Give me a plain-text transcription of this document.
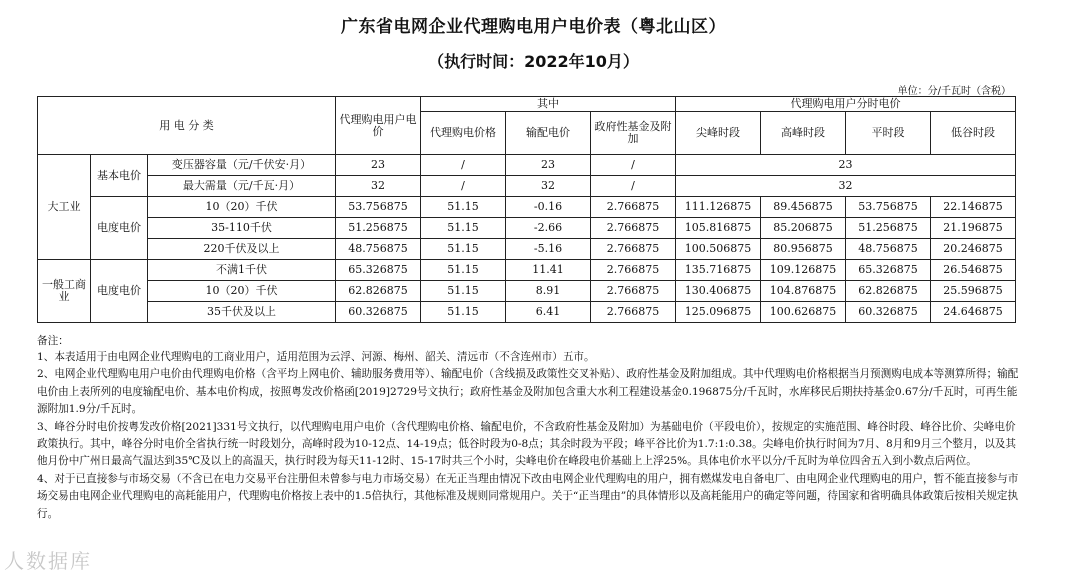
广东省电网企业代理购电用户电价表（粤北山区）
（执行时间：2022年10月）
单位：分/千瓦时（含税）
用 电 分 类			代理购电用户电价	其中			代理购电用户分时电价			
				代理购电价格	输配电价	政府性基金及附加	尖峰时段	高峰时段	平时段	低谷时段
大工业	基本电价	变压器容量（元/千伏安·月）	23	/	23	/	23			
		最大需量（元/千瓦·月）	32	/	32	/	32			
	电度电价	10（20）千伏	53.756875	51.15	-0.16	2.766875	111.126875	89.456875	53.756875	22.146875
		35-110千伏	51.256875	51.15	-2.66	2.766875	105.816875	85.206875	51.256875	21.196875
		220千伏及以上	48.756875	51.15	-5.16	2.766875	100.506875	80.956875	48.756875	20.246875
一般工商业	电度电价	不满1千伏	65.326875	51.15	11.41	2.766875	135.716875	109.126875	65.326875	26.546875
		10（20）千伏	62.826875	51.15	8.91	2.766875	130.406875	104.876875	62.826875	25.596875
		35千伏及以上	60.326875	51.15	6.41	2.766875	125.096875	100.626875	60.326875	24.646875

备注：

1、本表适用于由电网企业代理购电的工商业用户，适用范围为云浮、河源、梅州、韶关、清远市（不含连州市）五市。

2、电网企业代理购电用户电价由代理购电价格（含平均上网电价、辅助服务费用等）、输配电价（含线损及政策性交叉补贴）、政府性基金及附加组成。其中代理购电价格根据当月预测购电成本等测算所得；输配电价由上表所列的电度输配电价、基本电价构成，按照粤发改价格函[2019]2729号文执行；政府性基金及附加包含重大水利工程建设基金0.196875分/千瓦时，水库移民后期扶持基金0.67分/千瓦时，可再生能源附加1.9分/千瓦时。

3、峰谷分时电价按粤发改价格[2021]331号文执行，以代理购电用户电价（含代理购电价格、输配电价，不含政府性基金及附加）为基础电价（平段电价），按规定的实施范围、峰谷时段、峰谷比价、尖峰电价政策执行。其中，峰谷分时电价全省执行统一时段划分，高峰时段为10-12点、14-19点；低谷时段为0-8点；其余时段为平段；峰平谷比价为1.7:1:0.38。尖峰电价执行时间为7月、8月和9月三个整月，以及其他月份中广州日最高气温达到35℃及以上的高温天，执行时段为每天11-12时、15-17时共三个小时，尖峰电价在峰段电价基础上上浮25%。具体电价水平以分/千瓦时为单位四舍五入到小数点后两位。

4、对于已直接参与市场交易（不含已在电力交易平台注册但未曾参与电力市场交易）在无正当理由情况下改由电网企业代理购电的用户，拥有燃煤发电自备电厂、由电网企业代理购电的用户，暂不能直接参与市场交易由电网企业代理购电的高耗能用户，代理购电价格按上表中的1.5倍执行，其他标准及规则同常规用户。关于“正当理由”的具体情形以及高耗能用户的确定等问题，待国家和省明确具体政策后按相关规定执行。

人数据库
